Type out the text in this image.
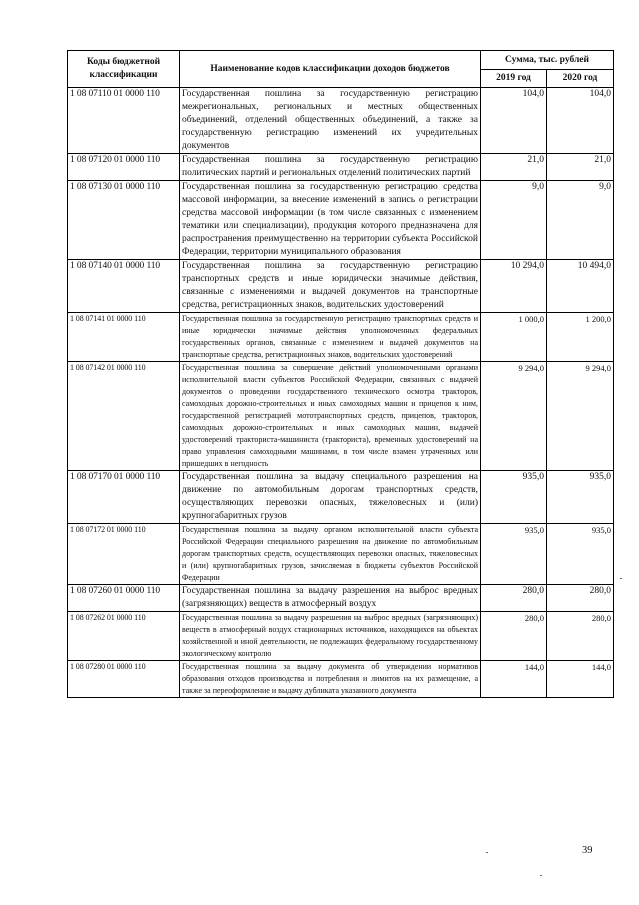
Коды бюджетной классификации	Наименование кодов классификации доходов бюджетов	Сумма, тыс. рублей	
		2019 год	2020 год
1 08 07110 01 0000 110	Государственная пошлина за государственную регистрацию межрегиональных, региональных и местных общественных объединений, отделений общественных объединений, а также за государственную регистрацию изменений их учредительных документов	104,0	104,0
1 08 07120 01 0000 110	Государственная пошлина за государственную регистрацию политических партий и региональных отделений политических партий	21,0	21,0
1 08 07130 01 0000 110	Государственная пошлина за государственную регистрацию средства массовой информации, за внесение изменений в запись о регистрации средства массовой информации (в том числе связанных с изменением тематики или специализации), продукция которого предназначена для распространения преимущественно на территории субъекта Российской Федерации, территории муниципального образования	9,0	9,0
1 08 07140 01 0000 110	Государственная пошлина за государственную регистрацию транспортных средств и иные юридически значимые действия, связанные с изменениями и выдачей документов на транспортные средства, регистрационных знаков, водительских удостоверений	10 294,0	10 494,0
1 08 07141 01 0000 110	Государственная пошлина за государственную регистрацию транспортных средств и иные юридически значимые действия уполномоченных федеральных государственных органов, связанные с изменением и выдачей документов на транспортные средства, регистрационных знаков, водительских удостоверений	1 000,0	1 200,0
1 08 07142 01 0000 110	Государственная пошлина за совершение действий уполномоченными органами исполнительной власти субъектов Российской Федерации, связанных с выдачей документов о проведении государственного технического осмотра тракторов, самоходных дорожно-строительных и иных самоходных машин и прицепов к ним, государственной регистрацией мототранспортных средств, прицепов, тракторов, самоходных дорожно-строительных и иных самоходных машин, выдачей удостоверений тракториста-машиниста (тракториста), временных удостоверений на право управления самоходными машинами, в том числе взамен утраченных или пришедших в негодность	9 294,0	9 294,0
1 08 07170 01 0000 110	Государственная пошлина за выдачу специального разрешения на движение по автомобильным дорогам транспортных средств, осуществляющих перевозки опасных, тяжеловесных и (или) крупногабаритных грузов	935,0	935,0
1 08 07172 01 0000 110	Государственная пошлина за выдачу органом исполнительной власти субъекта Российской Федерации специального разрешения на движение по автомобильным дорогам транспортных средств, осуществляющих перевозки опасных, тяжеловесных и (или) крупногабаритных грузов, зачисляемая в бюджеты субъектов Российской Федерации	935,0	935,0
1 08 07260 01 0000 110	Государственная пошлина за выдачу разрешения на выброс вредных (загрязняющих) веществ в атмосферный воздух	280,0	280,0
1 08 07262 01 0000 110	Государственная пошлина за выдачу разрешения на выброс вредных (загрязняющих) веществ в атмосферный воздух стационарных источников, находящихся на объектах хозяйственной и иной деятельности, не подлежащих федеральному государственному экологическому контролю	280,0	280,0
1 08 07280 01 0000 110	Государственная пошлина за выдачу документа об утверждении нормативов образования отходов производства и потребления и лимитов на их размещение, а также за переоформление и выдачу дубликата указанного документа	144,0	144,0
39
